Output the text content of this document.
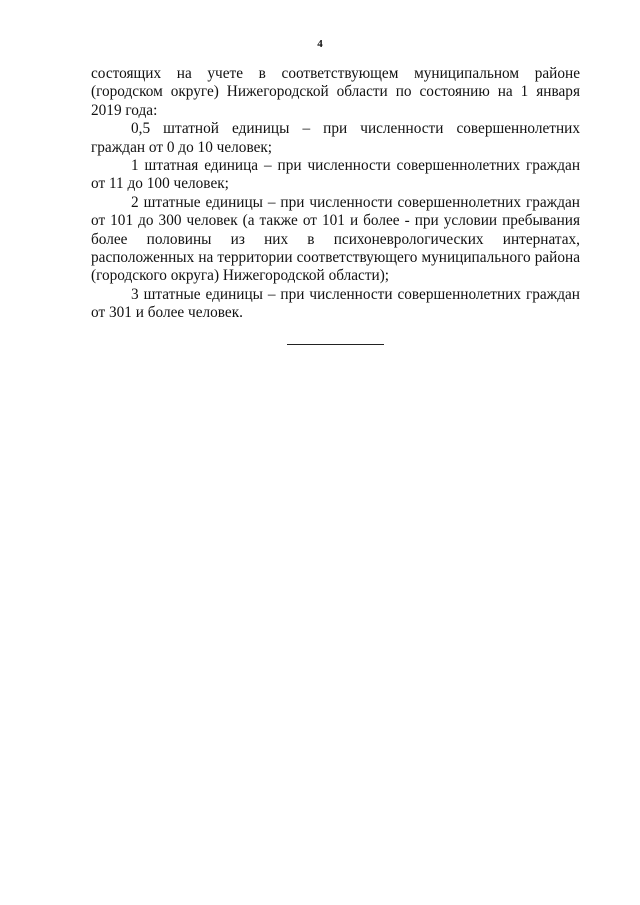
4

состоящих на учете в соответствующем муниципальном районе (городском округе) Нижегородской области по состоянию на 1 января 2019 года:

0,5 штатной единицы – при численности совершеннолетних граждан от 0 до 10 человек;

1 штатная единица – при численности совершеннолетних граждан от 11 до 100 человек;

2 штатные единицы – при численности совершеннолетних граждан от 101 до 300 человек (а также от 101 и более - при условии пребывания более половины из них в психоневрологических интернатах, расположенных на территории соответствующего муниципального района (городского округа) Нижегородской области);

3 штатные единицы – при численности совершеннолетних граждан от 301 и более человек.
